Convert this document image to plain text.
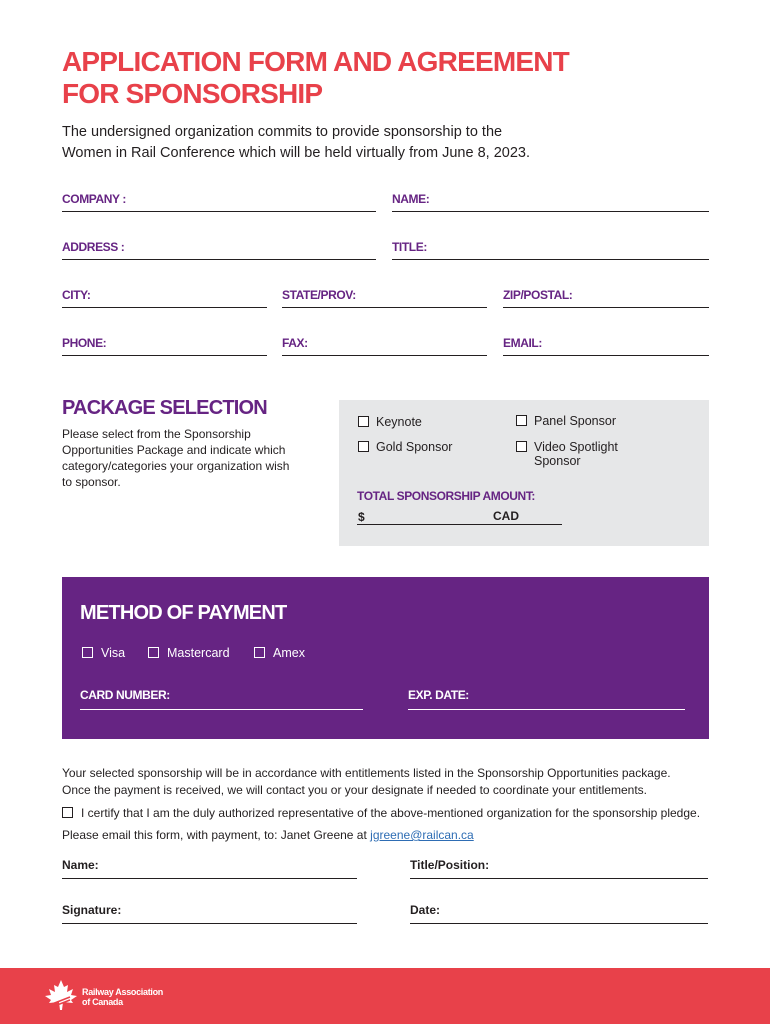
APPLICATION FORM AND AGREEMENT
FOR SPONSORSHIP
The undersigned organization commits to provide sponsorship to the
Women in Rail Conference which will be held virtually from June 8, 2023.
COMPANY :	NAME:
ADDRESS :	TITLE:
CITY:	STATE/PROV:	ZIP/POSTAL:
PHONE:	FAX:	EMAIL:
PACKAGE SELECTION
Please select from the Sponsorship Opportunities Package and indicate which category/categories your organization wish to sponsor.
Keynote	Panel Sponsor
Gold Sponsor	Video Spotlight
Sponsor
TOTAL SPONSORSHIP AMOUNT:
$	CAD
METHOD OF PAYMENT
Visa	Mastercard	Amex
CARD NUMBER:	EXP. DATE:
Your selected sponsorship will be in accordance with entitlements listed in the Sponsorship Opportunities package.
Once the payment is received, we will contact you or your designate if needed to coordinate your entitlements.
I certify that I am the duly authorized representative of the above-mentioned organization for the sponsorship pledge.
Please email this form, with payment, to: Janet Greene at jgreene@railcan.ca
Name:	Title/Position:
Signature:	Date:
Railway Association
of Canada
